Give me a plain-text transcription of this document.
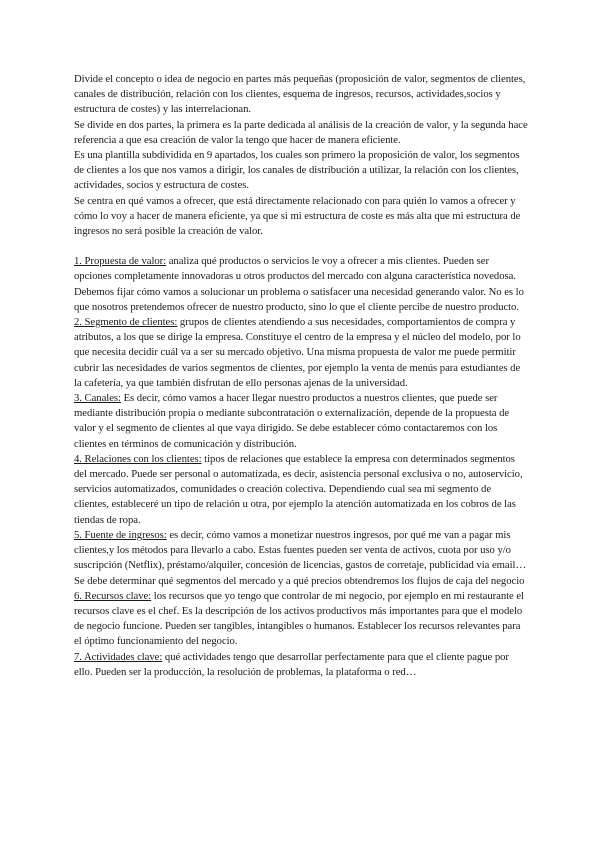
Divide el concepto o idea de negocio en partes más pequeñas (proposición de valor, segmentos de clientes, canales de distribución, relación con los clientes, esquema de ingresos, recursos, actividades,socios y estructura de costes) y las interrelacionan.

Se divide en dos partes, la primera es la parte dedicada al análisis de la creación de valor, y la segunda hace referencia a que esa creación de valor la tengo que hacer de manera eficiente.

Es una plantilla subdividida en 9 apartados, los cuales son primero la proposición de valor, los segmentos de clientes a los que nos vamos a dirigir, los canales de distribución a utilizar, la relación con los clientes, actividades, socios y estructura de costes.

Se centra en qué vamos a ofrecer, que está directamente relacionado con para quién lo vamos a ofrecer y cómo lo voy a hacer de manera eficiente, ya que si mi estructura de coste es más alta que mi estructura de ingresos no será posible la creación de valor.

1. Propuesta de valor: analiza qué productos o servicios le voy a ofrecer a mis clientes. Pueden ser opciones completamente innovadoras u otros productos del mercado con alguna característica novedosa. Debemos fijar cómo vamos a solucionar un problema o satisfacer una necesidad generando valor. No es lo que nosotros pretendemos ofrecer de nuestro producto, sino lo que el cliente percibe de nuestro producto.

2. Segmento de clientes: grupos de clientes atendiendo a sus necesidades, comportamientos de compra y atributos, a los que se dirige la empresa. Constituye el centro de la empresa y el núcleo del modelo, por lo que necesita decidir cuál va a ser su mercado objetivo. Una misma propuesta de valor me puede permitir cubrir las necesidades de varios segmentos de clientes, por ejemplo la venta de menús para estudiantes de la cafetería, ya que también disfrutan de ello personas ajenas de la universidad.

3. Canales: Es decir, cómo vamos a hacer llegar nuestro productos a nuestros clientes, que puede ser mediante distribución propia o mediante subcontratación o externalización, depende de la propuesta de valor y el segmento de clientes al que vaya dirigido. Se debe establecer cómo contactaremos con los clientes en términos de comunicación y distribución.

4. Relaciones con los clientes: tipos de relaciones que establece la empresa con determinados segmentos del mercado. Puede ser personal o automatizada, es decir, asistencia personal exclusiva o no, autoservicio, servicios automatizados, comunidades o creación colectiva. Dependiendo cual sea mi segmento de clientes, estableceré un tipo de relación u otra, por ejemplo la atención automatizada en los cobros de las tiendas de ropa.

5. Fuente de ingresos: es decir, cómo vamos a monetizar nuestros ingresos, por qué me van a pagar mis clientes,y los métodos para llevarlo a cabo. Estas fuentes pueden ser venta de activos, cuota por uso y/o suscripción (Netflix), préstamo/alquiler, concesión de licencias, gastos de corretaje, publicidad vía email… Se debe determinar qué segmentos del mercado y a qué precios obtendremos los flujos de caja del negocio

6. Recursos clave: los recursos que yo tengo que controlar de mi negocio, por ejemplo en mi restaurante el recursos clave es el chef. Es la descripción de los activos productivos más importantes para que el modelo de negocio funcione. Pueden ser tangibles, intangibles o humanos. Establecer los recursos relevantes para el óptimo funcionamiento del negocio.

7. Actividades clave: qué actividades tengo que desarrollar perfectamente para que el cliente pague por ello. Pueden ser la producción, la resolución de problemas, la plataforma o red…
